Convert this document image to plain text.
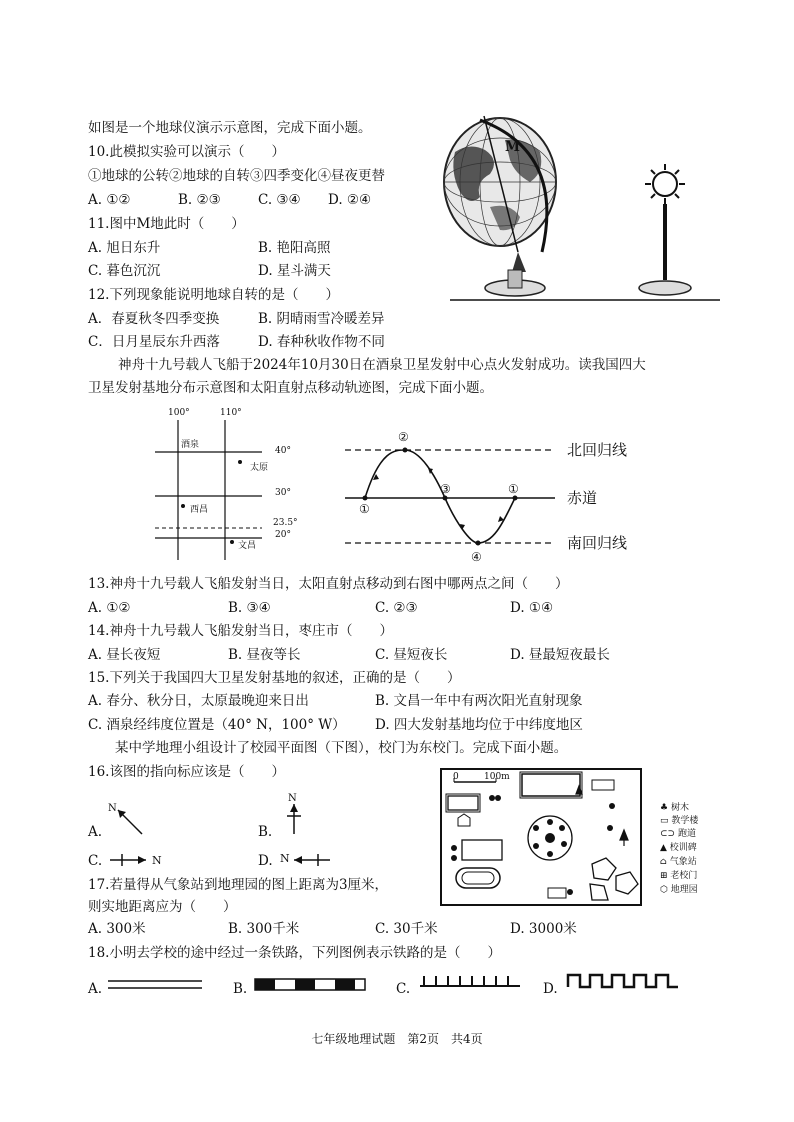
如图是一个地球仪演示示意图，完成下面小题。
10.此模拟实验可以演示（　　）
①地球的公转②地球的自转③四季变化④昼夜更替
A. ①②	B. ②③	C. ③④ D. ②④
11.图中M地此时（　　）
A. 旭日东升	B. 艳阳高照
C. 暮色沉沉	D. 星斗满天
12.下列现象能说明地球自转的是（　　）
A．春夏秋冬四季变换	B. 阴晴雨雪冷暖差异
C．日月星辰东升西落	D. 春种秋收作物不同
M
神舟十九号载人飞船于2024年10月30日在酒泉卫星发射中心点火发射成功。读我国四大
卫星发射基地分布示意图和太阳直射点移动轨迹图，完成下面小题。
100°	110°
40°
30°
23.5°
20°
酒泉
太原
西昌
文昌
①
②
③
④
①
北回归线
赤道
南回归线
13.神舟十九号载人飞船发射当日，太阳直射点移动到右图中哪两点之间（　　）
A. ①②	B. ③④	C. ②③	D. ①④
14.神舟十九号载人飞船发射当日，枣庄市（　　）
A. 昼长夜短	B. 昼夜等长	C. 昼短夜长	D. 昼最短夜最长
15.下列关于我国四大卫星发射基地的叙述，正确的是（　　）
A. 春分、秋分日，太原最晚迎来日出	B. 文昌一年中有两次阳光直射现象
C. 酒泉经纬度位置是（40° N，100° W） D. 四大发射基地均位于中纬度地区
某中学地理小组设计了校园平面图（下图），校门为东校门。完成下面小题。
16.该图的指向标应该是（　　）
A.
N
B.
N
C.	N	D. N
0	100m
♣ 树木
▭ 教学楼
⊂⊃ 跑道
▲ 校训碑
⌂ 气象站
⊞ 老校门
⬡ 地理园
17.若量得从气象站到地理园的图上距离为3厘米，
则实地距离应为（　　）
A. 300米	B. 300千米	C. 30千米	D. 3000米
18.小明去学校的途中经过一条铁路，下列图例表示铁路的是（　　）
A.	B.	C.	D.
七年级地理试题　第2页　共4页
